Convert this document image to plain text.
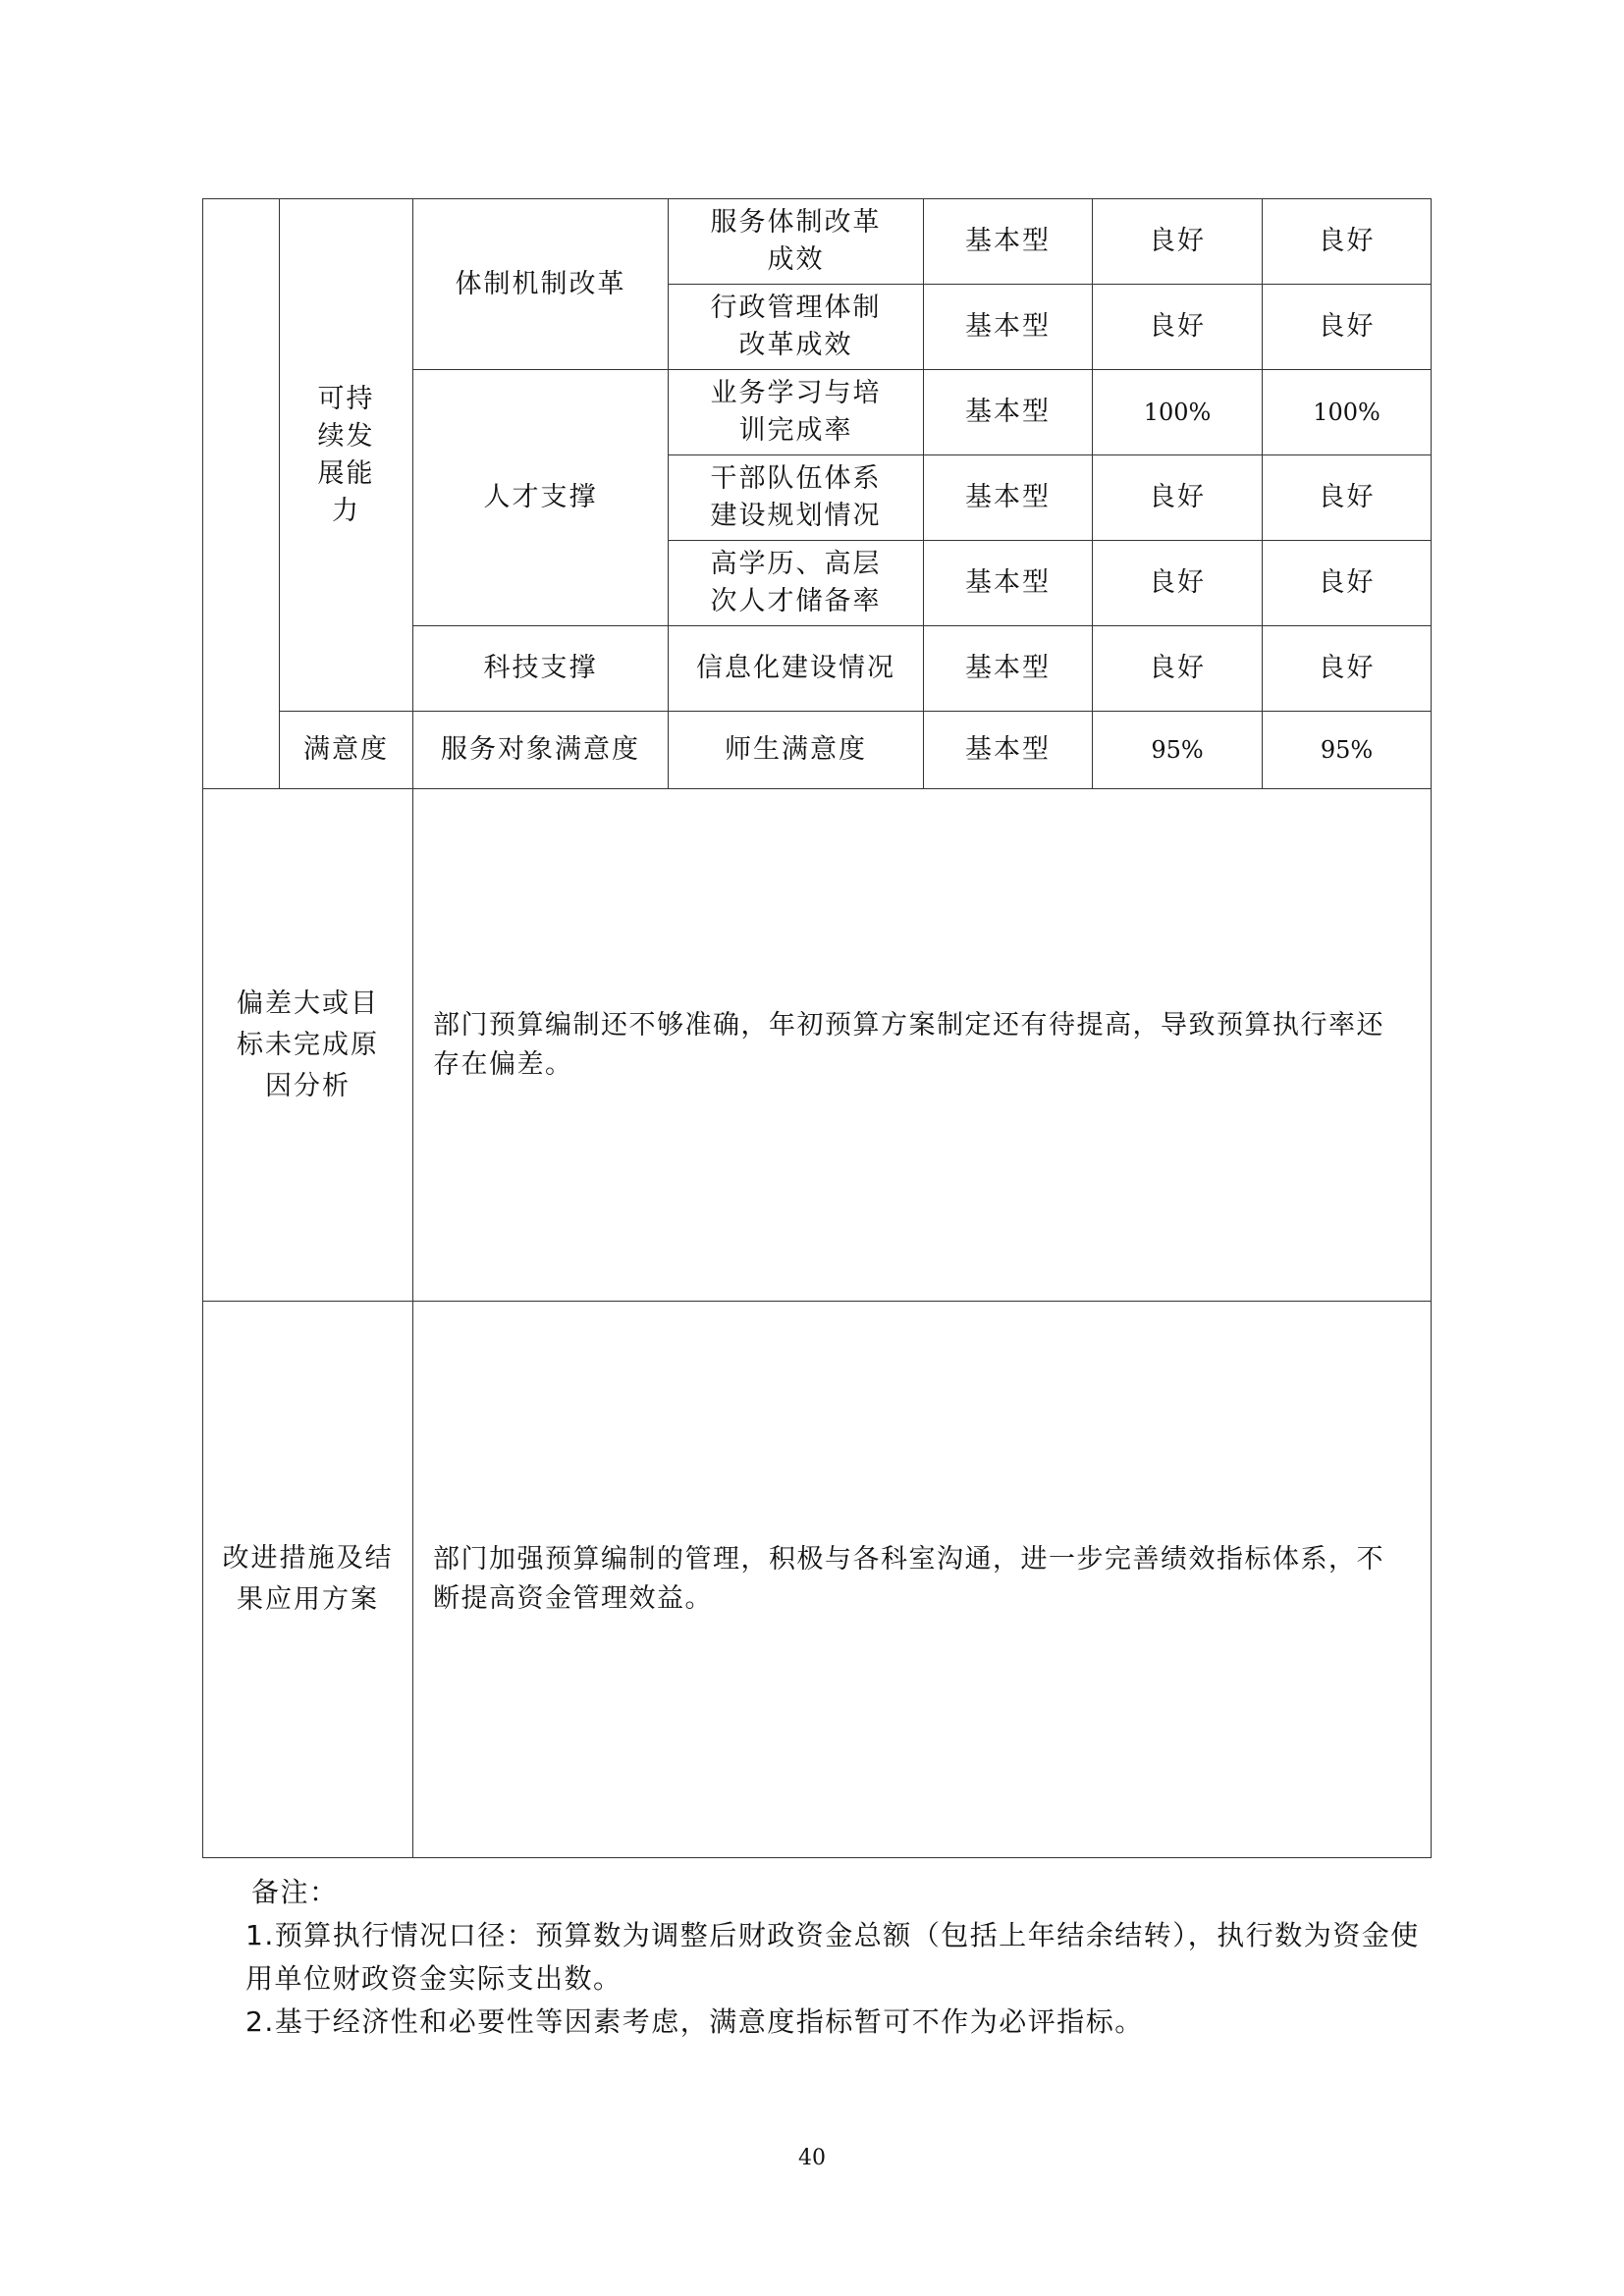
	可持续发展能力	体制机制改革	服务体制改革成效	基本型	良好	良好
			行政管理体制改革成效	基本型	良好	良好
		人才支撑	业务学习与培训完成率	基本型	100%	100%
			干部队伍体系建设规划情况	基本型	良好	良好
			高学历、高层次人才储备率	基本型	良好	良好
		科技支撑	信息化建设情况	基本型	良好	良好
	满意度	服务对象满意度	师生满意度	基本型	95%	95%
偏差大或目标未完成原因分析		部门预算编制还不够准确，年初预算方案制定还有待提高，导致预算执行率还存在偏差。				
改进措施及结果应用方案		部门加强预算编制的管理，积极与各科室沟通，进一步完善绩效指标体系，不断提高资金管理效益。				

备注：

1.预算执行情况口径：预算数为调整后财政资金总额（包括上年结余结转），执行数为资金使用单位财政资金实际支出数。

2.基于经济性和必要性等因素考虑，满意度指标暂可不作为必评指标。

40
